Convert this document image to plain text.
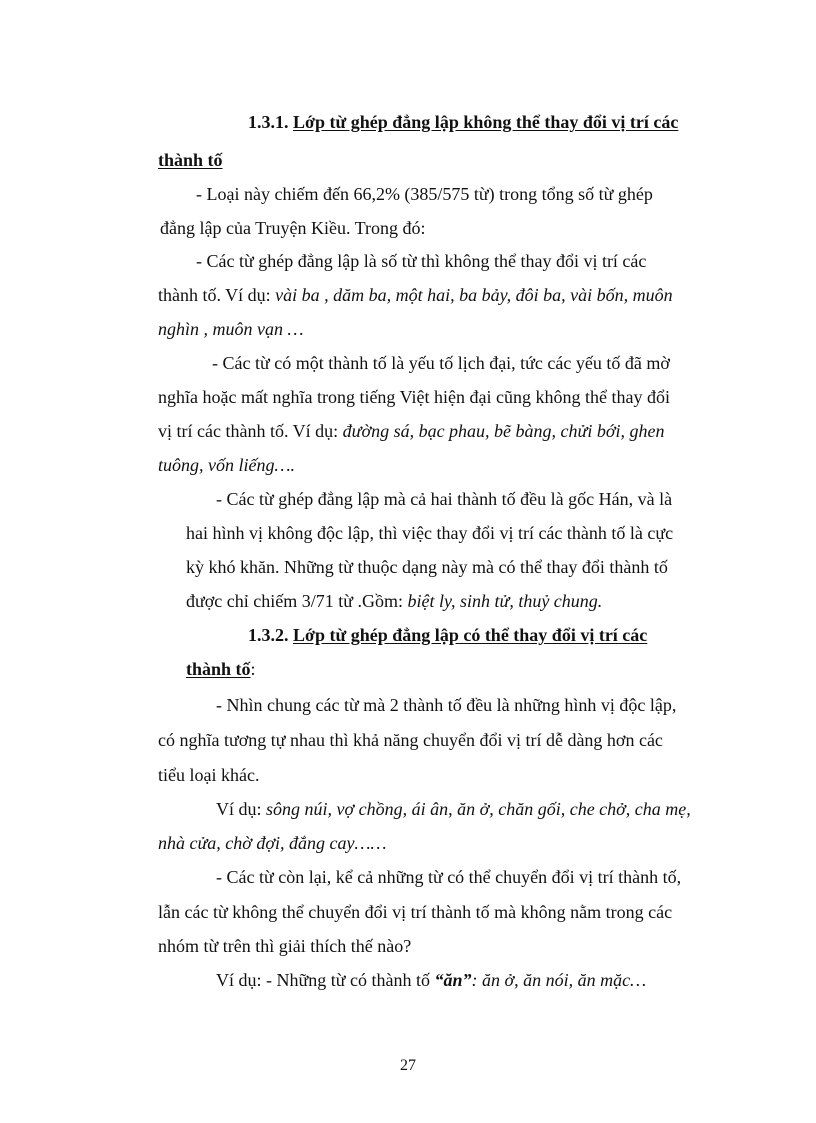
1.3.1. Lớp từ ghép đẳng lập không thể thay đổi vị trí các
thành tố
- Loại này chiếm đến 66,2% (385/575 từ) trong tổng số từ ghép
đẳng lập của Truyện Kiều. Trong đó:
- Các từ ghép đẳng lập là số từ thì không thể thay đổi vị trí các
thành tố. Ví dụ: vài ba , dăm ba, một hai, ba bảy, đôi ba, vài bốn, muôn
nghìn , muôn vạn …
- Các từ có một thành tố là yếu tố lịch đại, tức các yếu tố đã mờ
nghĩa hoặc mất nghĩa trong tiếng Việt hiện đại cũng không thể thay đổi
vị trí các thành tố. Ví dụ: đường sá, bạc phau, bẽ bàng, chửi bới, ghen
tuông, vốn liếng….
- Các từ ghép đẳng lập mà cả hai thành tố đều là gốc Hán, và là
hai hình vị không độc lập, thì việc thay đổi vị trí các thành tố là cực
kỳ khó khăn. Những từ thuộc dạng này mà có thể thay đổi thành tố
được chỉ chiếm 3/71 từ .Gồm: biệt ly, sinh tử, thuỷ chung.
1.3.2. Lớp từ ghép đẳng lập có thể thay đổi vị trí các
thành tố:
- Nhìn chung các từ mà 2 thành tố đều là những hình vị độc lập,
có nghĩa tương tự nhau thì khả năng chuyển đổi vị trí dễ dàng hơn các
tiểu loại khác.
Ví dụ: sông núi, vợ chồng, ái ân, ăn ở, chăn gối, che chở, cha mẹ,
nhà cửa, chờ đợi, đắng cay……
- Các từ còn lại, kể cả những từ có thể chuyển đổi vị trí thành tố,
lẫn các từ không thể chuyển đổi vị trí thành tố mà không nằm trong các
nhóm từ trên thì giải thích thế nào?
Ví dụ: - Những từ có thành tố “ăn”: ăn ở, ăn nói, ăn mặc…
27
